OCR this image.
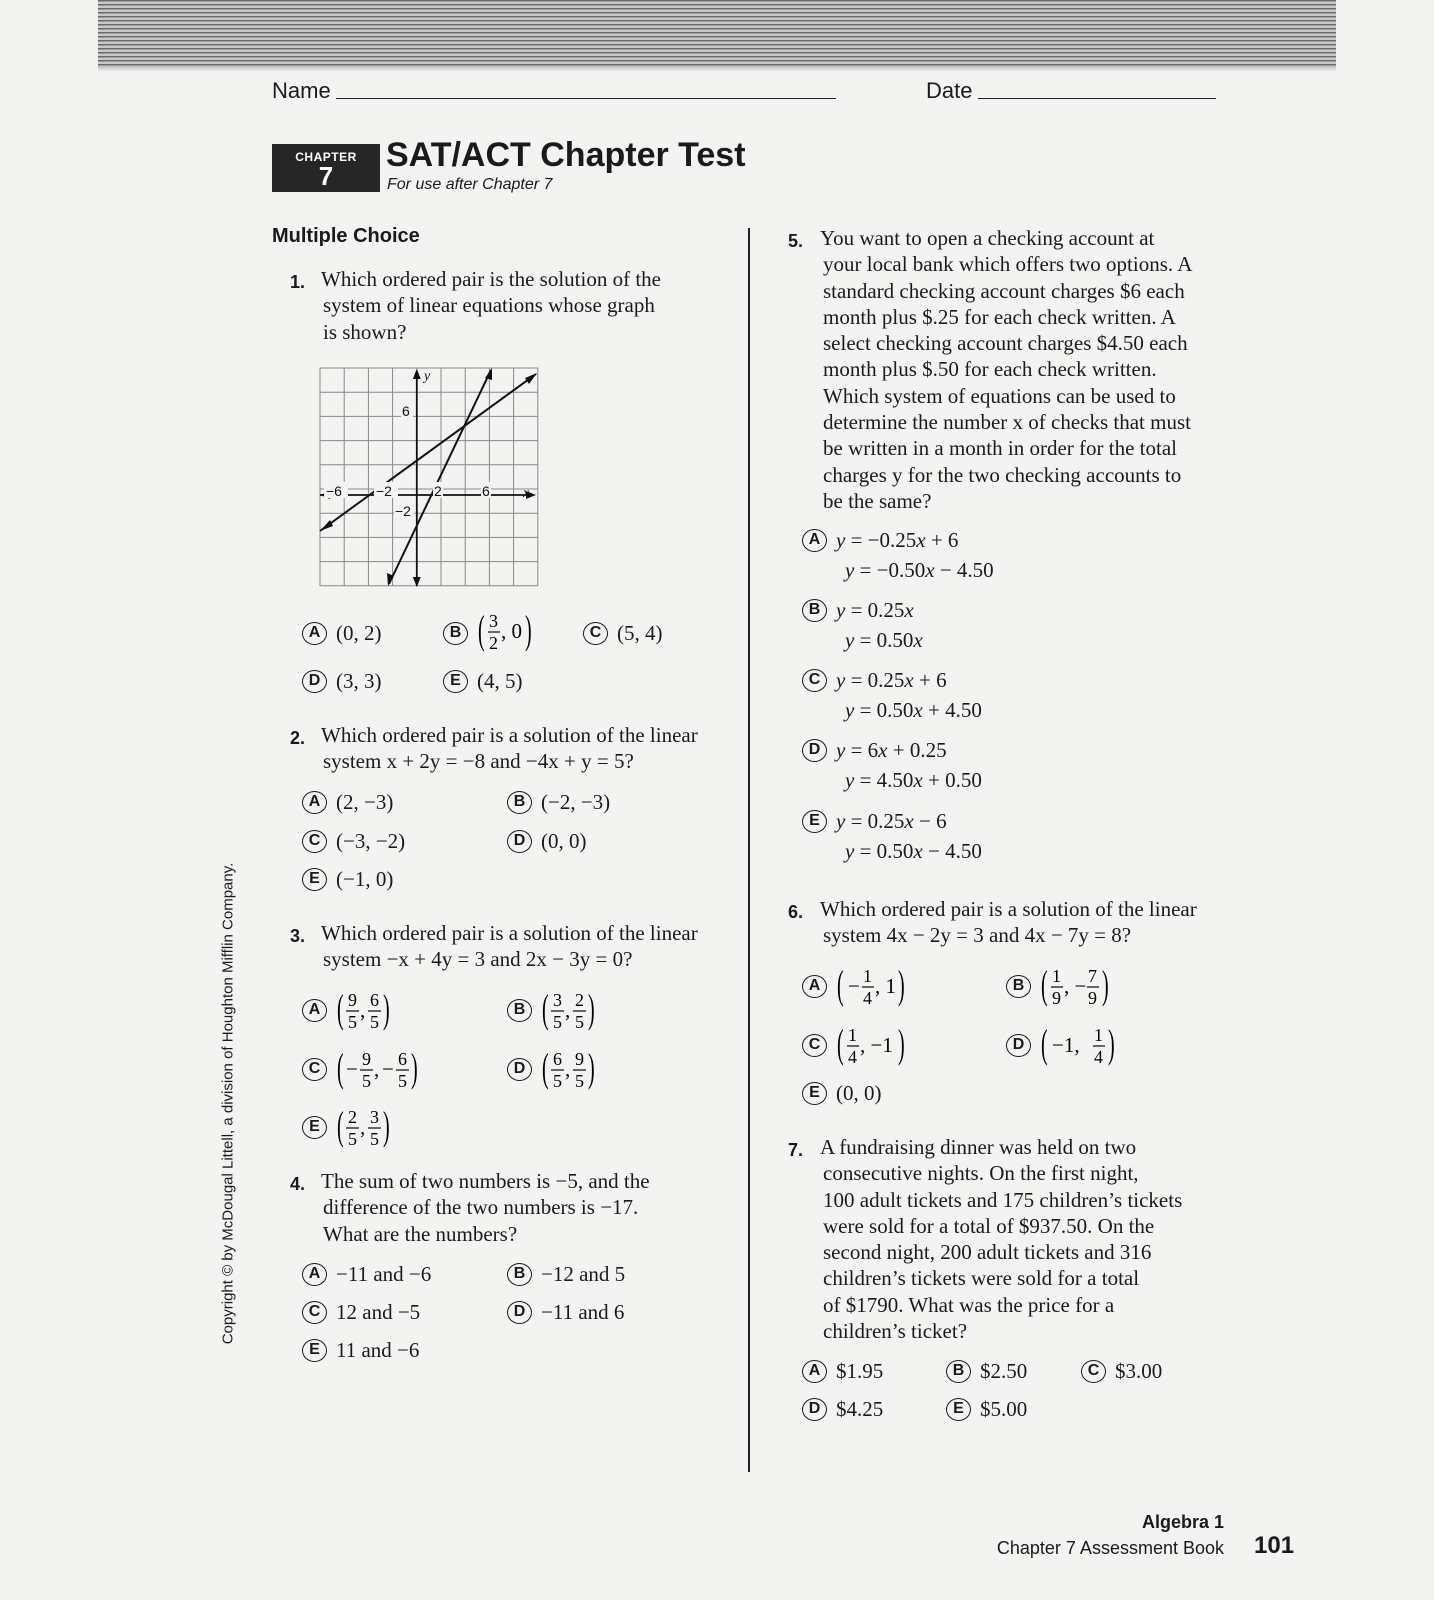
Name	Date
CHAPTER
7
SAT/ACT Chapter Test
For use after Chapter 7
Multiple Choice
1. Which ordered pair is the solution of the
system of linear equations whose graph
is shown?
−6 −2	2	6 x
y
6
−2
A (0, 2)	B ( 3
2 , 0 )	C (5, 4)
D (3, 3)	E (4, 5)
2. Which ordered pair is a solution of the linear
system x + 2y = −8 and −4x + y = 5?
A (2, −3)	B (−2, −3)
C (−3, −2)	D (0, 0)
E (−1, 0)
3. Which ordered pair is a solution of the linear
system −x + 4y = 3 and 2x − 3y = 0?
A ( 9
5 , 6
5 )	B ( 3
5 , 2
5 )
C ( − 9
5 , − 6
5 )	D ( 6
5 , 9
5 )
E ( 2
5 , 3
5 )
4. The sum of two numbers is −5, and the
difference of the two numbers is −17.
What are the numbers?
A −11 and −6	B −12 and 5
C 12 and −5	D −11 and 6
E 11 and −6
5. You want to open a checking account at
your local bank which offers two options. A
standard checking account charges $6 each
month plus $.25 for each check written. A
select checking account charges $4.50 each
month plus $.50 for each check written.
Which system of equations can be used to
determine the number x of checks that must
be written in a month in order for the total
charges y for the two checking accounts to
be the same?
A y = −0.25x + 6
y = −0.50x − 4.50
B y = 0.25x
y = 0.50x
C y = 0.25x + 6
y = 0.50x + 4.50
D y = 6x + 0.25
y = 4.50x + 0.50
E y = 0.25x − 6
y = 0.50x − 4.50
6. Which ordered pair is a solution of the linear
system 4x − 2y = 3 and 4x − 7y = 8?
A ( − 1
4 , 1 )	B ( 1
9 , − 7
9 )
C ( 1
4 , −1 )	D ( −1, 1
4 )
E (0, 0)
7. A fundraising dinner was held on two
consecutive nights. On the first night,
100 adult tickets and 175 children’s tickets
were sold for a total of $937.50. On the
second night, 200 adult tickets and 316
children’s tickets were sold for a total
of $1790. What was the price for a
children’s ticket?
A $1.95	B $2.50	C $3.00
D $4.25	E $5.00
Copyright © by McDougal Littell, a division of Houghton Mifflin Company.
Algebra 1
Chapter 7 Assessment Book 101
